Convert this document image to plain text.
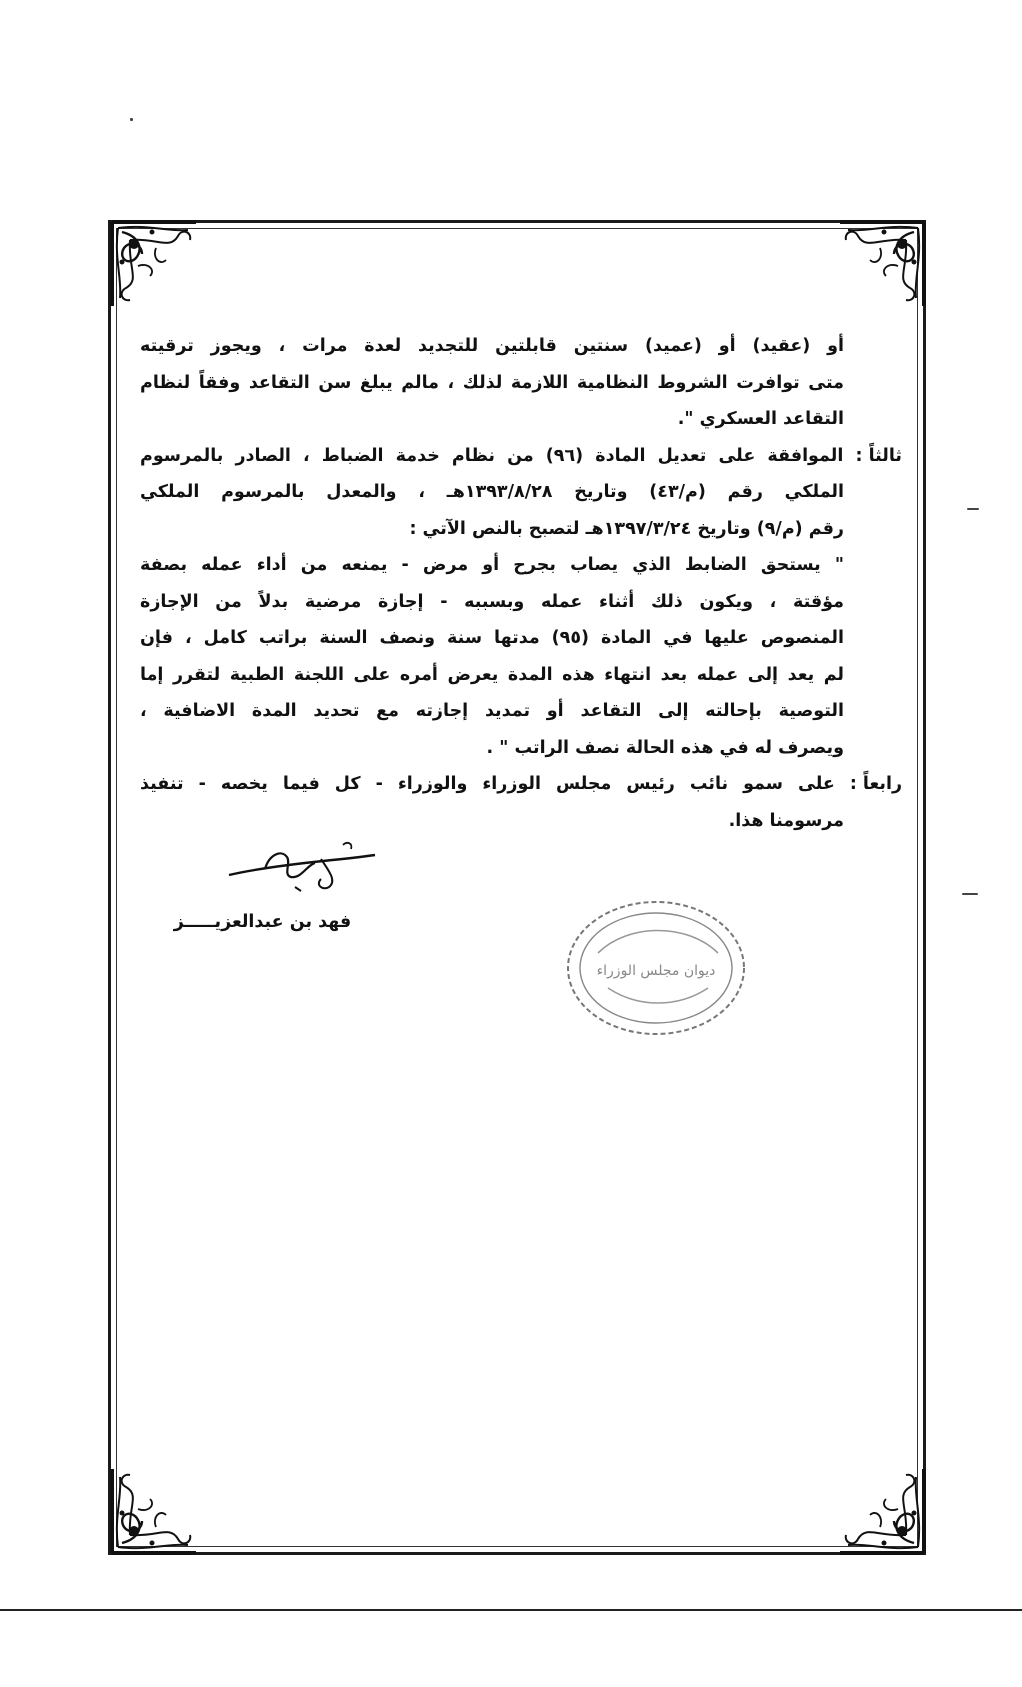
أو (عقيد) أو (عميد) سنتين قابلتين للتجديد لعدة مرات ، ويجوز ترقيته
متى توافرت الشروط النظامية اللازمة لذلك ، مالم يبلغ سن التقاعد وفقاً لنظام
التقاعد العسكري ".
ثالثاً : الموافقة على تعديل المادة (٩٦) من نظام خدمة الضباط ، الصادر بالمرسوم
الملكي رقم (م/٤٣) وتاريخ ١٣٩٣/٨/٢٨هـ ، والمعدل بالمرسوم الملكي
رقم (م/٩) وتاريخ ١٣٩٧/٣/٢٤هـ لتصبح بالنص الآتي :
" يستحق الضابط الذي يصاب بجرح أو مرض - يمنعه من أداء عمله بصفة
مؤقتة ، ويكون ذلك أثناء عمله وبسببه - إجازة مرضية بدلاً من الإجازة
المنصوص عليها في المادة (٩٥) مدتها سنة ونصف السنة براتب كامل ، فإن
لم يعد إلى عمله بعد انتهاء هذه المدة يعرض أمره على اللجنة الطبية لتقرر إما
التوصية بإحالته إلى التقاعد أو تمديد إجازته مع تحديد المدة الاضافية ،
ويصرف له في هذه الحالة نصف الراتب " .
رابعاً : على سمو نائب رئيس مجلس الوزراء والوزراء - كل فيما يخصه - تنفيذ
مرسومنا هذا.
فهد بن عبدالعزيـــــز
ديوان مجلس الوزراء
